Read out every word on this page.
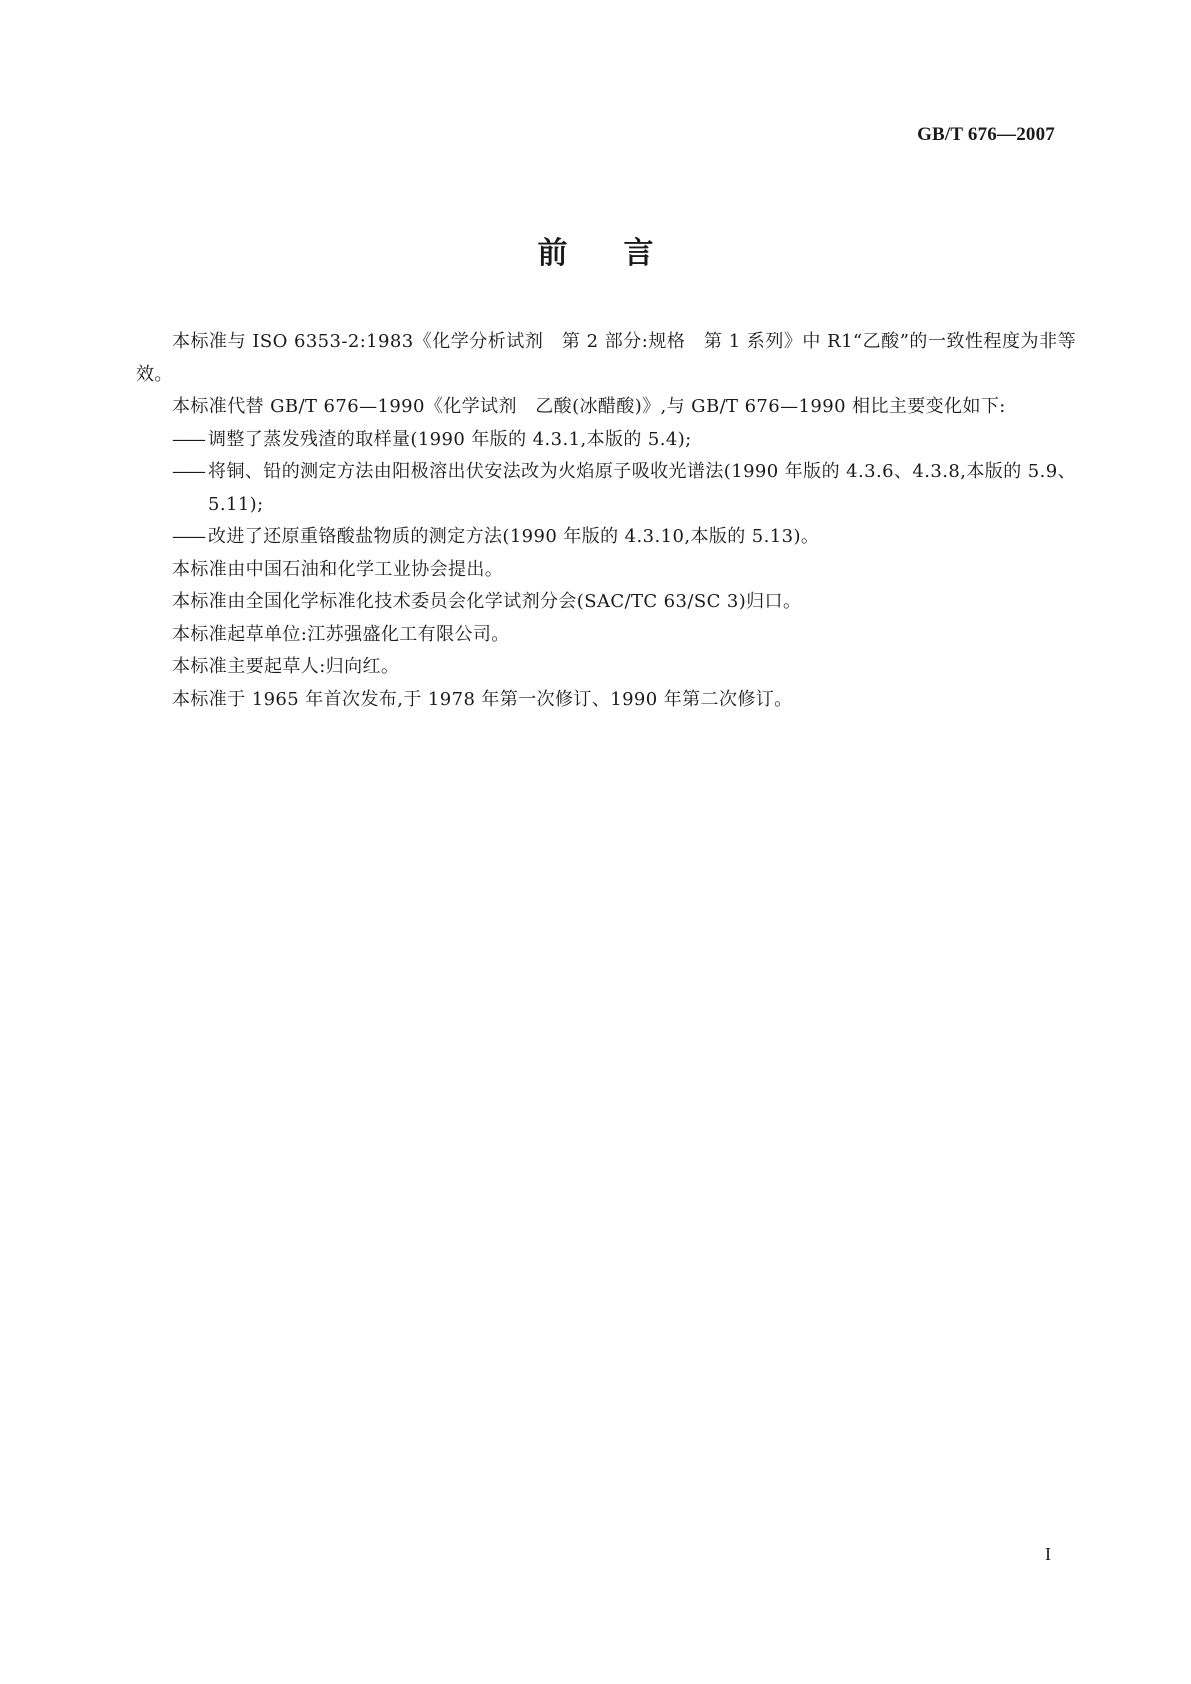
GB/T 676—2007
前言

本标准与 ISO 6353-2:1983《化学分析试剂　第 2 部分:规格　第 1 系列》中 R1“乙酸”的一致性程度为非等效。

本标准代替 GB/T 676—1990《化学试剂　乙酸(冰醋酸)》,与 GB/T 676—1990 相比主要变化如下:

—— 调整了蒸发残渣的取样量(1990 年版的 4.3.1,本版的 5.4);

—— 将铜、铅的测定方法由阳极溶出伏安法改为火焰原子吸收光谱法(1990 年版的 4.3.6、4.3.8,本版的 5.9、5.11);

—— 改进了还原重铬酸盐物质的测定方法(1990 年版的 4.3.10,本版的 5.13)。

本标准由中国石油和化学工业协会提出。

本标准由全国化学标准化技术委员会化学试剂分会(SAC/TC 63/SC 3)归口。

本标准起草单位:江苏强盛化工有限公司。

本标准主要起草人:归向红。

本标准于 1965 年首次发布,于 1978 年第一次修订、1990 年第二次修订。

I
